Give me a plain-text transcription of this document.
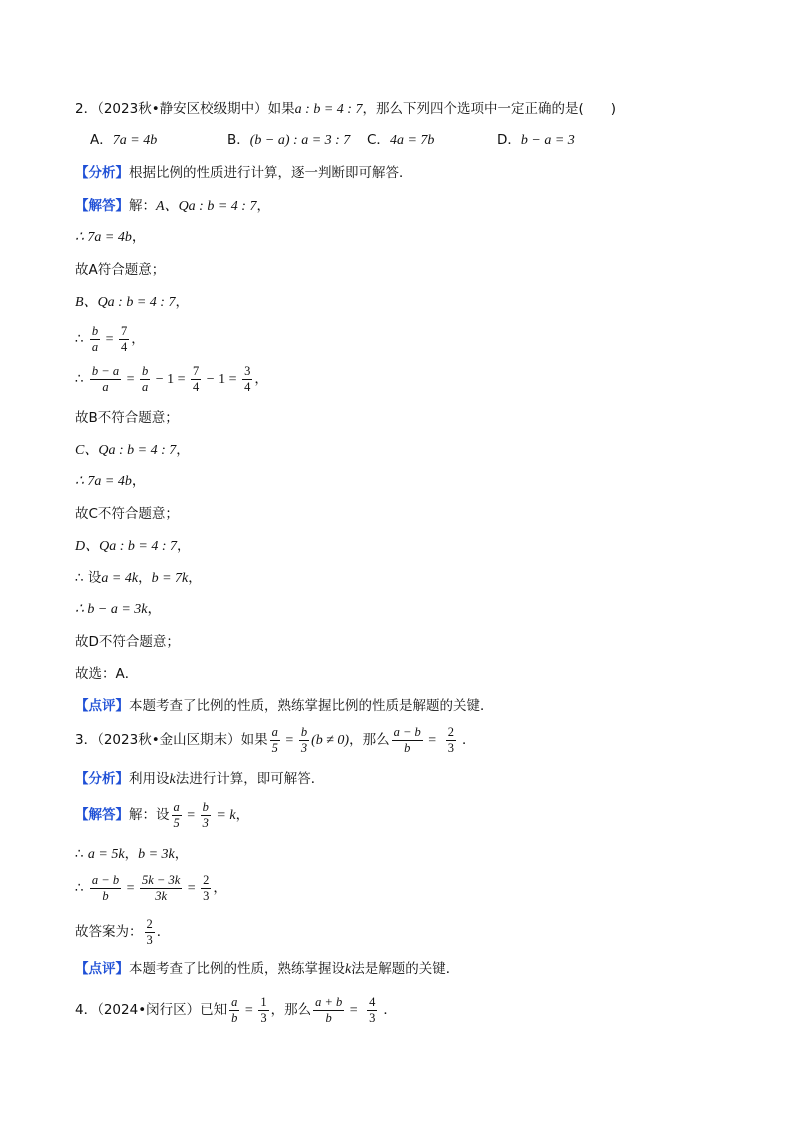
2．（2023秋•静安区校级期中）如果a : b = 4 : 7，那么下列四个选项中一定正确的是(　　)
A．7a = 4b	B．(b − a) : a = 3 : 7 C．4a = 7b	D．b − a = 3
【分析】根据比例的性质进行计算，逐一判断即可解答．
【解答】解：A、Qa : b = 4 : 7，
∴ 7a = 4b，
故A符合题意；
B、Qa : b = 4 : 7，
∴ $\frac{b}{a} = \frac{7}{4}$ ，
∴ $\frac{b - a}{a} = \frac{b}{a} - 1 = \frac{7}{4} - 1 = \frac{3}{4}$ ，
故B不符合题意；
C、Qa : b = 4 : 7，
∴ 7a = 4b，
故C不符合题意；
D、Qa : b = 4 : 7，
∴ 设a = 4k，b = 7k，
∴ b − a = 3k，
故D不符合题意；
故选：A．
【点评】本题考查了比例的性质，熟练掌握比例的性质是解题的关键．
3．（2023秋•金山区期末）如果 $\frac{a}{5} = \frac{b}{3} (b \ne 0)$，那么 $\frac{a - b}{b} = \frac{2}{3}$ ．
【分析】利用设k法进行计算，即可解答．
【解答】解：设 $\frac{a}{5} = \frac{b}{3} = k$，
∴ a = 5k，b = 3k，
∴ $\frac{a - b}{b} = \frac{5k - 3k}{3k} = \frac{2}{3}$ ，
故答案为： $\frac{2}{3}$ ．
【点评】本题考查了比例的性质，熟练掌握设k法是解题的关键．
4．（2024•闵行区）已知 $\frac{a}{b} = \frac{1}{3}$ ，那么 $\frac{a + b}{b} = \frac{4}{3}$ ．
